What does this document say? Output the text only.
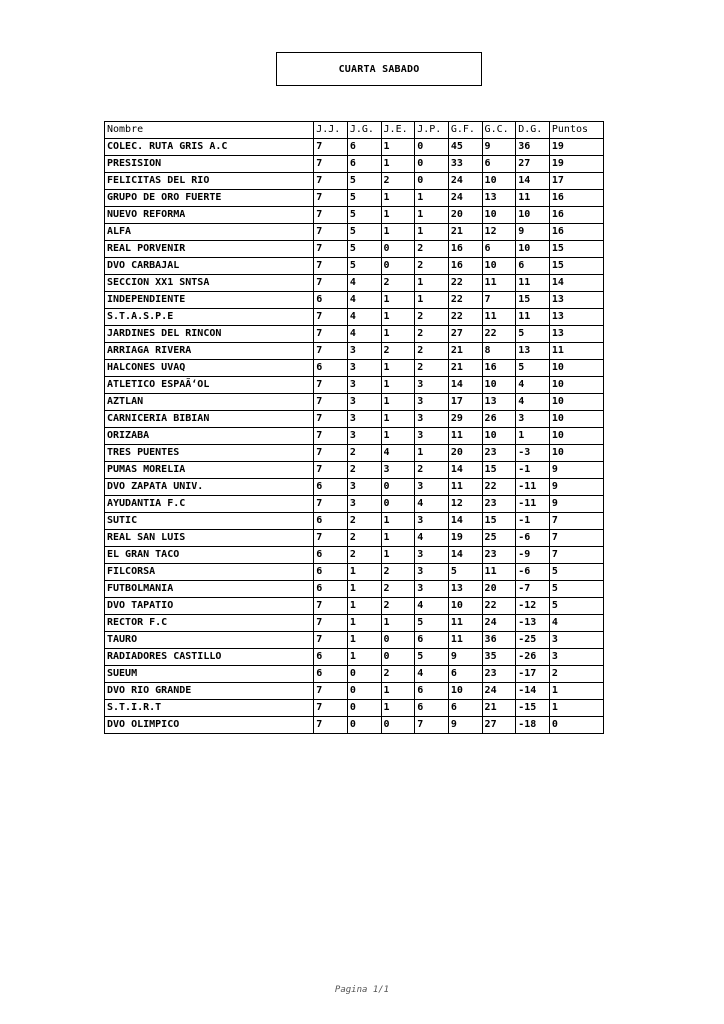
CUARTA SABADO
Nombre	J.J.	J.G.	J.E.	J.P.	G.F.	G.C.	D.G.	Puntos
COLEC. RUTA GRIS A.C	7	6	1	0	45	9	36	19
PRESISION	7	6	1	0	33	6	27	19
FELICITAS DEL RIO	7	5	2	0	24	10	14	17
GRUPO DE ORO FUERTE	7	5	1	1	24	13	11	16
NUEVO REFORMA	7	5	1	1	20	10	10	16
ALFA	7	5	1	1	21	12	9	16
REAL PORVENIR	7	5	0	2	16	6	10	15
DVO CARBAJAL	7	5	0	2	16	10	6	15
SECCION XX1 SNTSA	7	4	2	1	22	11	11	14
INDEPENDIENTE	6	4	1	1	22	7	15	13
S.T.A.S.P.E	7	4	1	2	22	11	11	13
JARDINES DEL RINCON	7	4	1	2	27	22	5	13
ARRIAGA RIVERA	7	3	2	2	21	8	13	11
HALCONES UVAQ	6	3	1	2	21	16	5	10
ATLETICO ESPAÃ‘OL	7	3	1	3	14	10	4	10
AZTLAN	7	3	1	3	17	13	4	10
CARNICERIA BIBIAN	7	3	1	3	29	26	3	10
ORIZABA	7	3	1	3	11	10	1	10
TRES PUENTES	7	2	4	1	20	23	-3	10
PUMAS MORELIA	7	2	3	2	14	15	-1	9
DVO ZAPATA UNIV.	6	3	0	3	11	22	-11	9
AYUDANTIA F.C	7	3	0	4	12	23	-11	9
SUTIC	6	2	1	3	14	15	-1	7
REAL SAN LUIS	7	2	1	4	19	25	-6	7
EL GRAN TACO	6	2	1	3	14	23	-9	7
FILCORSA	6	1	2	3	5	11	-6	5
FUTBOLMANIA	6	1	2	3	13	20	-7	5
DVO TAPATIO	7	1	2	4	10	22	-12	5
RECTOR F.C	7	1	1	5	11	24	-13	4
TAURO	7	1	0	6	11	36	-25	3
RADIADORES CASTILLO	6	1	0	5	9	35	-26	3
SUEUM	6	0	2	4	6	23	-17	2
DVO RIO GRANDE	7	0	1	6	10	24	-14	1
S.T.I.R.T	7	0	1	6	6	21	-15	1
DVO OLIMPICO	7	0	0	7	9	27	-18	0
Pagina 1/1
